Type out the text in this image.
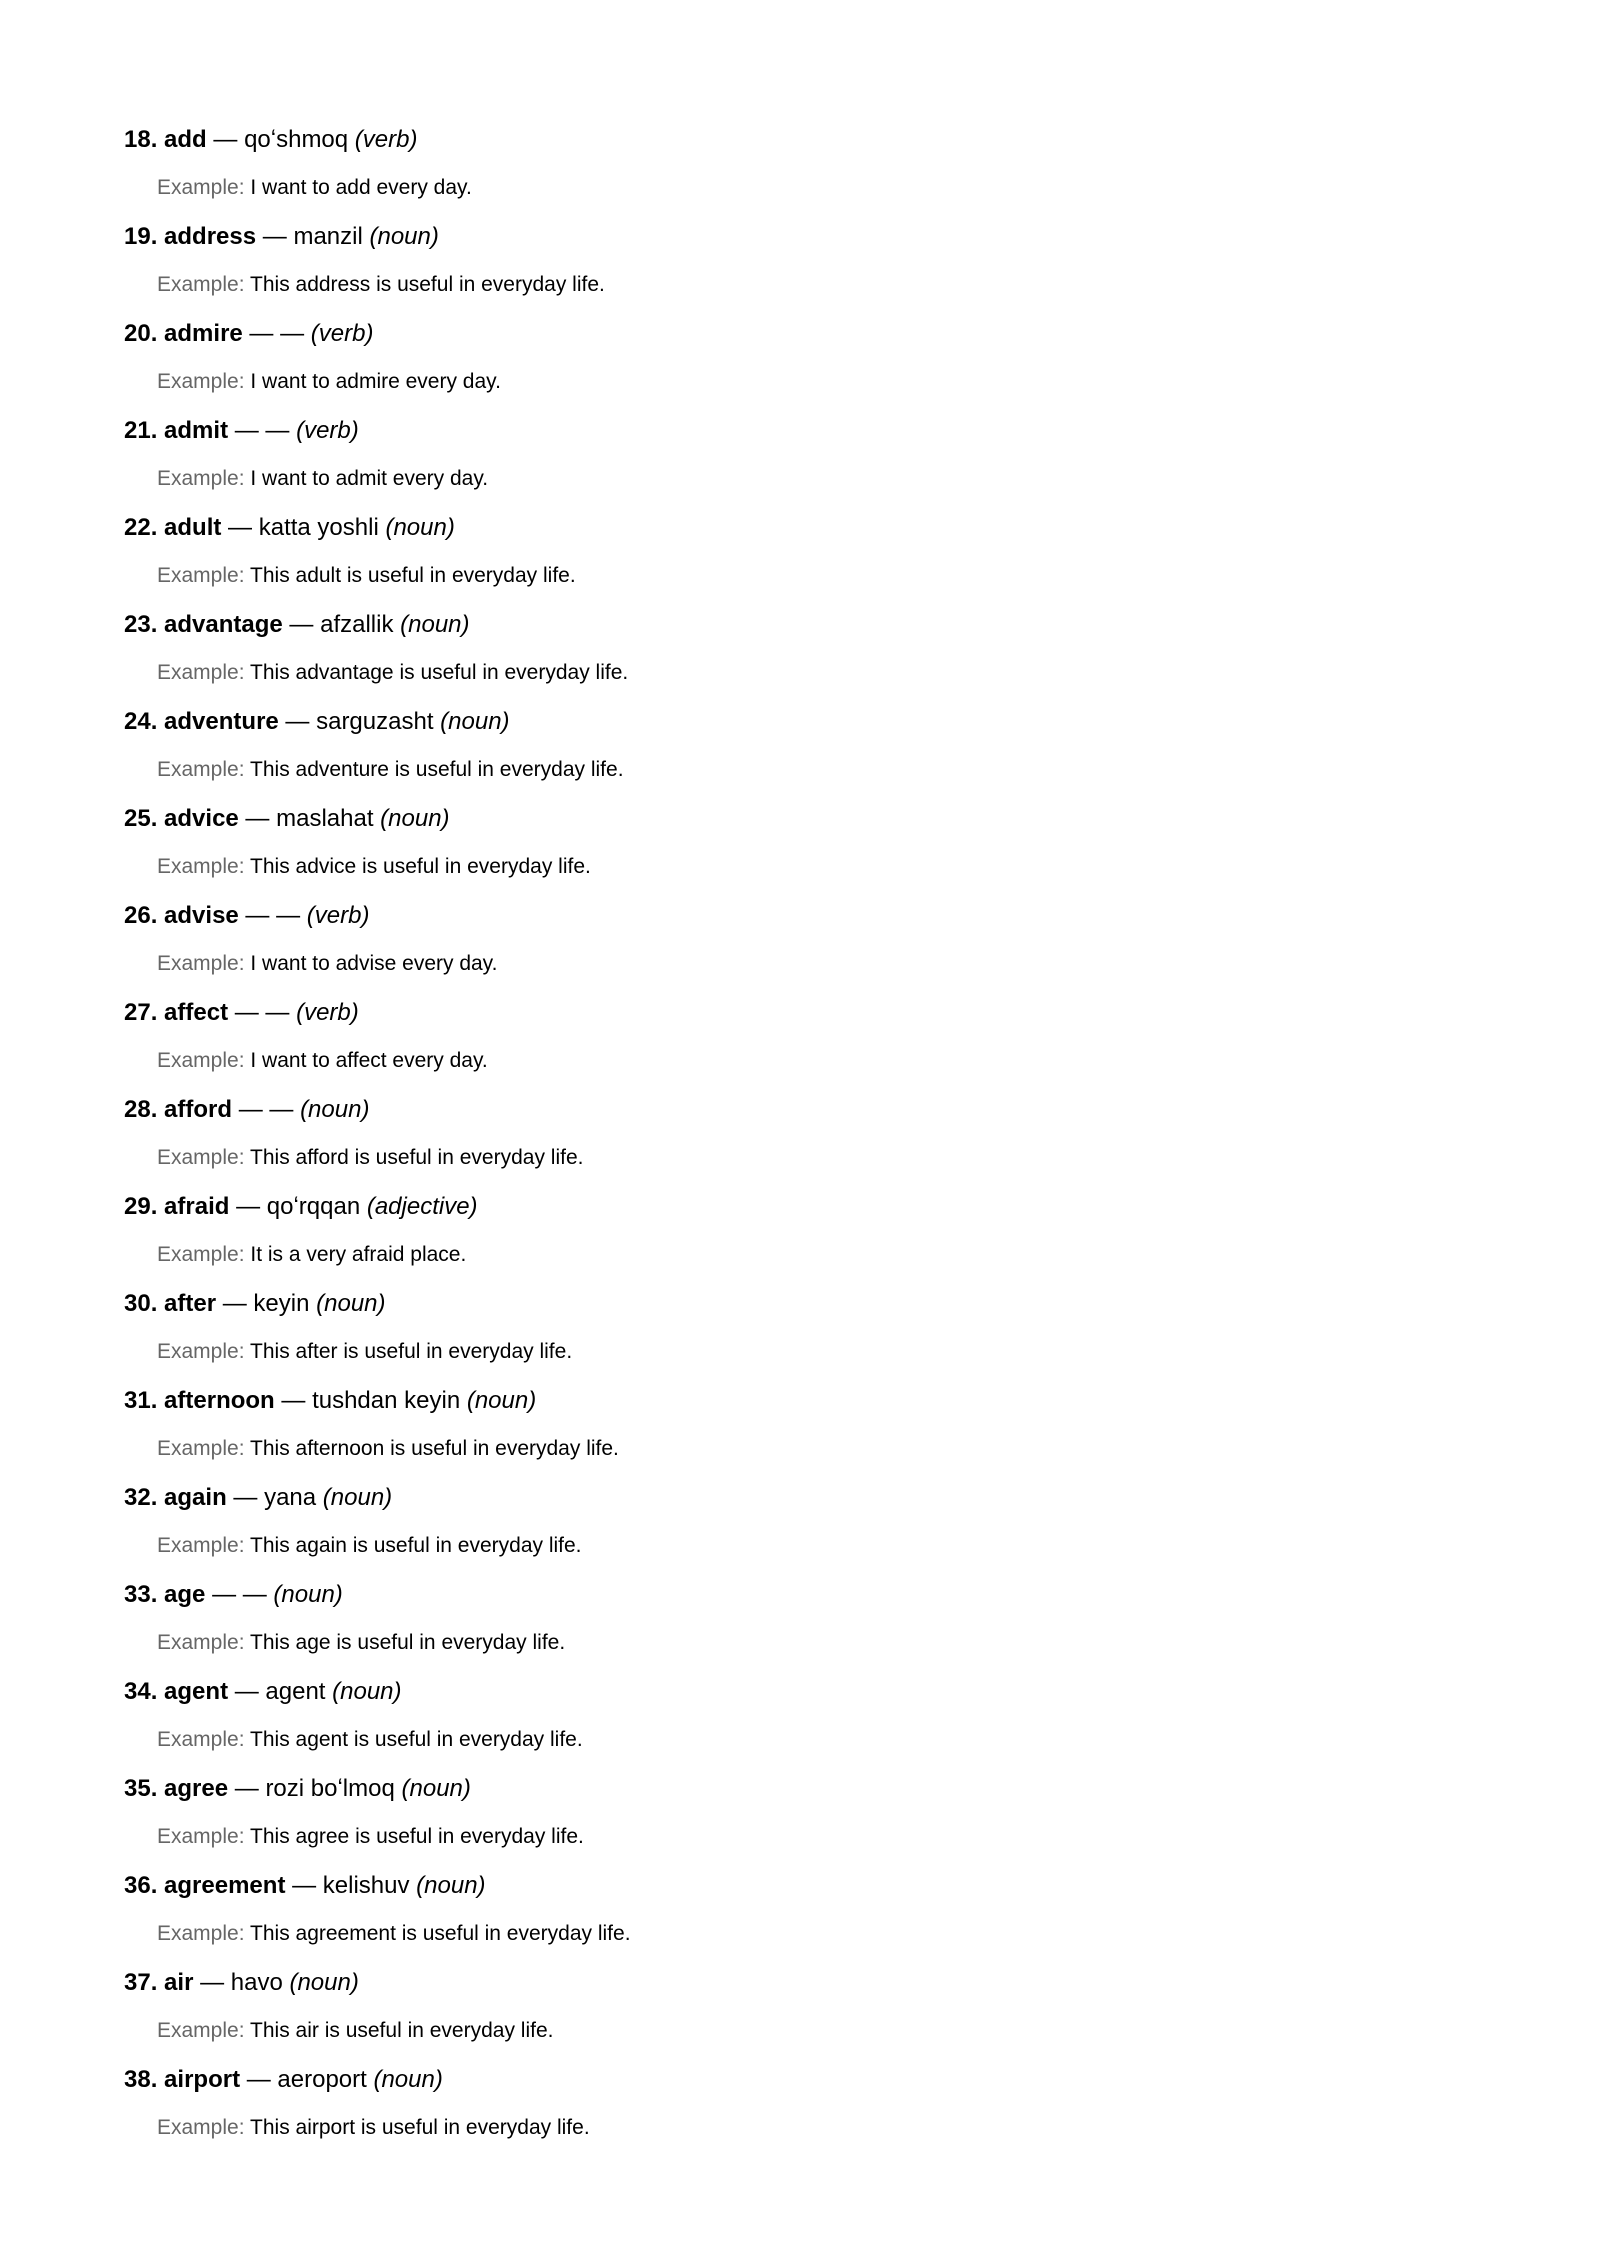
18. add — qoʻshmoq (verb)
Example: I want to add every day.
19. address — manzil (noun)
Example: This address is useful in everyday life.
20. admire — — (verb)
Example: I want to admire every day.
21. admit — — (verb)
Example: I want to admit every day.
22. adult — katta yoshli (noun)
Example: This adult is useful in everyday life.
23. advantage — afzallik (noun)
Example: This advantage is useful in everyday life.
24. adventure — sarguzasht (noun)
Example: This adventure is useful in everyday life.
25. advice — maslahat (noun)
Example: This advice is useful in everyday life.
26. advise — — (verb)
Example: I want to advise every day.
27. affect — — (verb)
Example: I want to affect every day.
28. afford — — (noun)
Example: This afford is useful in everyday life.
29. afraid — qoʻrqqan (adjective)
Example: It is a very afraid place.
30. after — keyin (noun)
Example: This after is useful in everyday life.
31. afternoon — tushdan keyin (noun)
Example: This afternoon is useful in everyday life.
32. again — yana (noun)
Example: This again is useful in everyday life.
33. age — — (noun)
Example: This age is useful in everyday life.
34. agent — agent (noun)
Example: This agent is useful in everyday life.
35. agree — rozi boʻlmoq (noun)
Example: This agree is useful in everyday life.
36. agreement — kelishuv (noun)
Example: This agreement is useful in everyday life.
37. air — havo (noun)
Example: This air is useful in everyday life.
38. airport — aeroport (noun)
Example: This airport is useful in everyday life.
